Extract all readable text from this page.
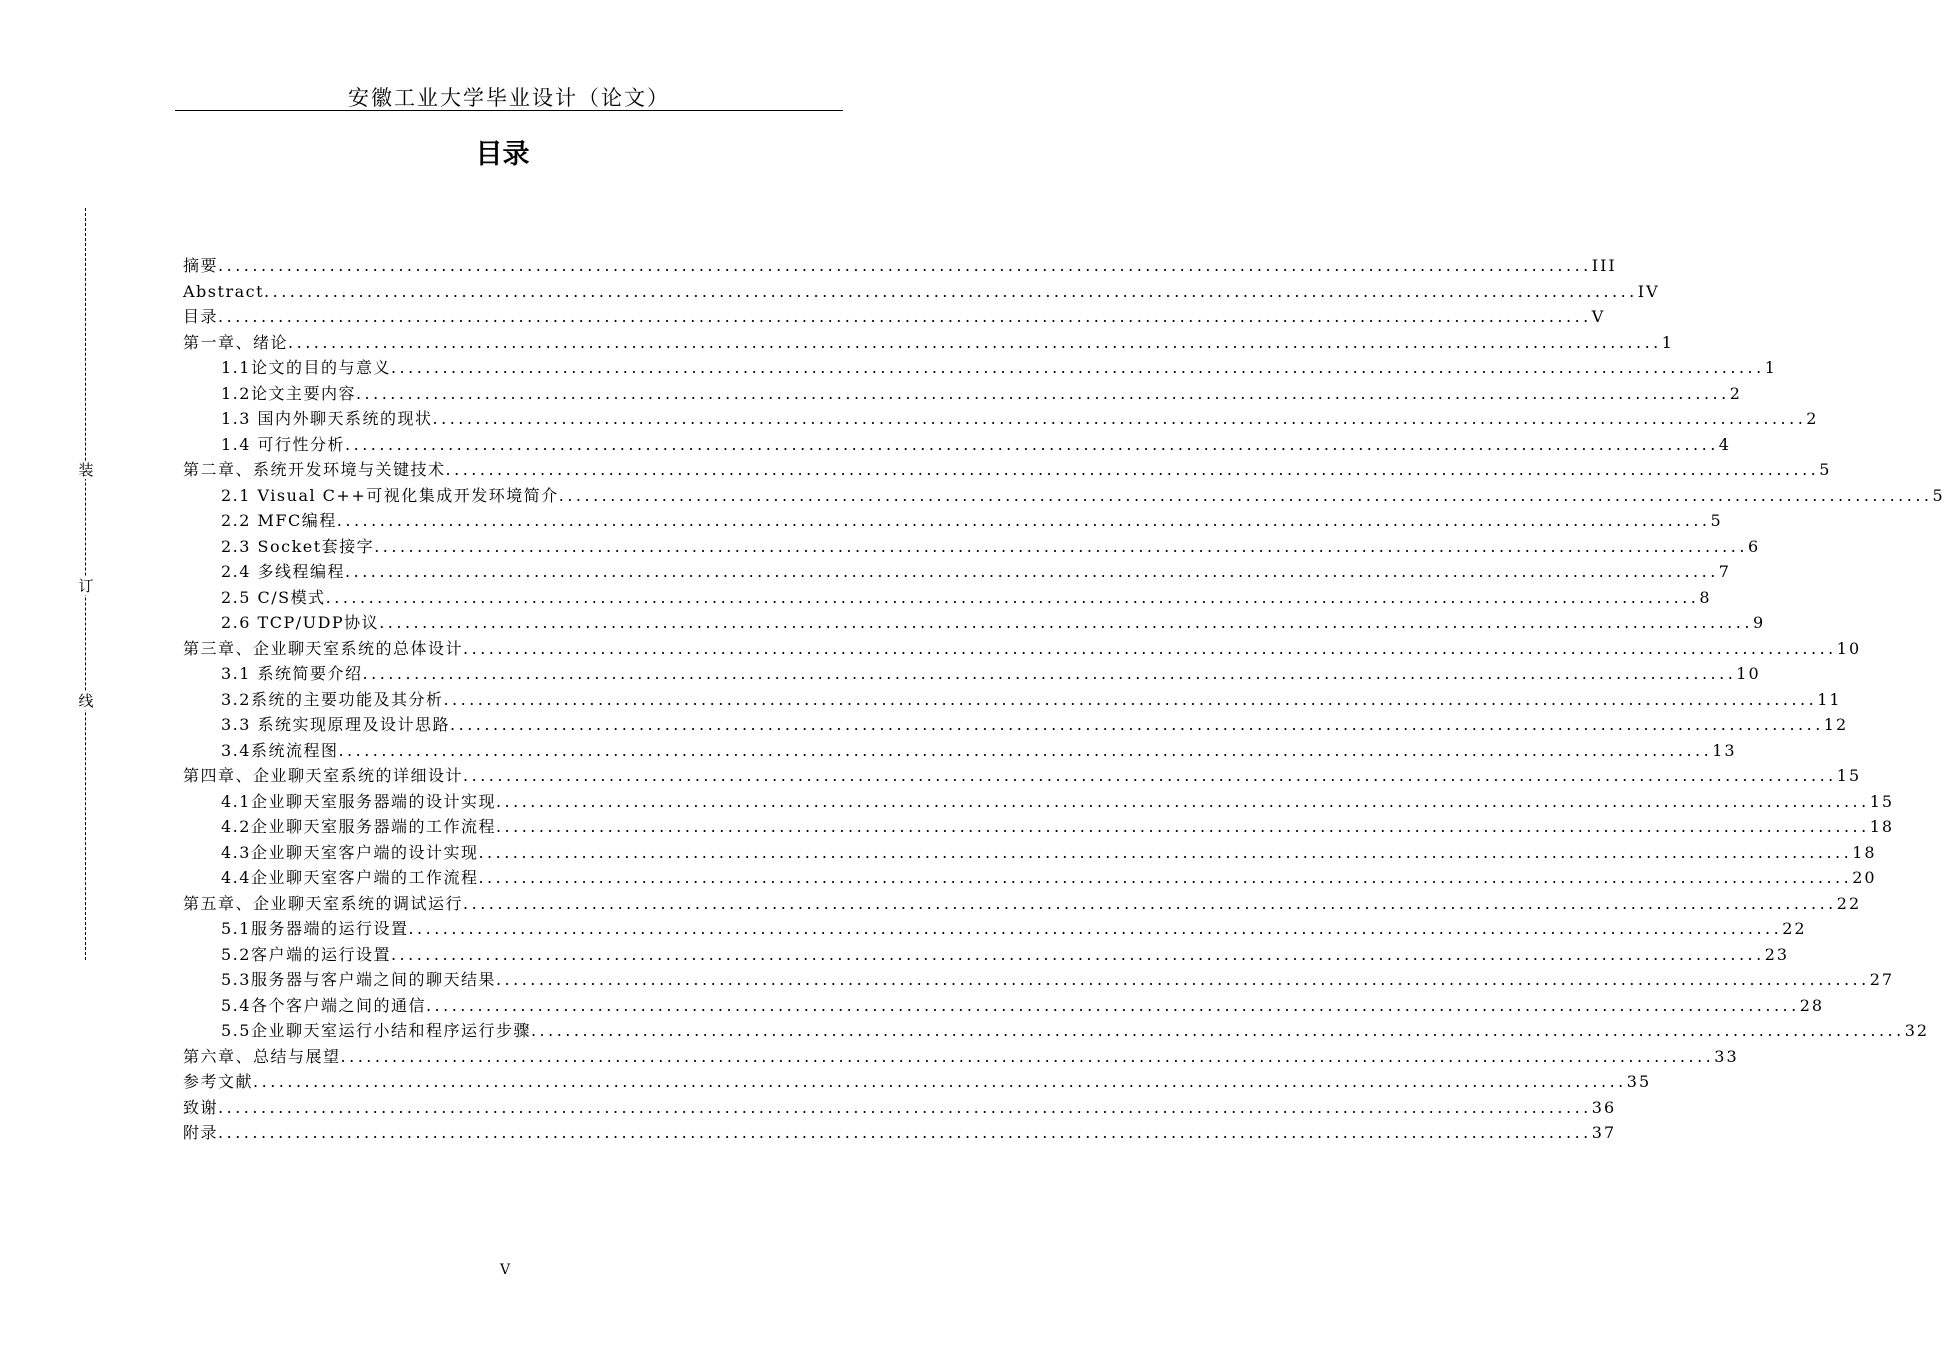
安徽工业大学毕业设计（论文）
目录
装
订
线
摘要 .....	III
Abstract .....	IV
目录 .....	V
第一章、绪论 .....	1
1.1论文的目的与意义 .....	1
1.2论文主要内容 .....	2
1.3 国内外聊天系统的现状 .....	2
1.4 可行性分析 .....	4
第二章、系统开发环境与关键技术 .....	5
2.1 Visual C++可视化集成开发环境简介 .....	5
2.2 MFC编程 .....	5
2.3 Socket套接字 .....	6
2.4 多线程编程 .....	7
2.5 C/S模式 .....	8
2.6 TCP/UDP协议 .....	9
第三章、企业聊天室系统的总体设计 .....	10
3.1 系统简要介绍 .....	10
3.2系统的主要功能及其分析 .....	11
3.3 系统实现原理及设计思路 .....	12
3.4系统流程图 .....	13
第四章、企业聊天室系统的详细设计 .....	15
4.1企业聊天室服务器端的设计实现 .....	15
4.2企业聊天室服务器端的工作流程 .....	18
4.3企业聊天室客户端的设计实现 .....	18
4.4企业聊天室客户端的工作流程 .....	20
第五章、企业聊天室系统的调试运行 .....	22
5.1服务器端的运行设置 .....	22
5.2客户端的运行设置 .....	23
5.3服务器与客户端之间的聊天结果 .....	27
5.4各个客户端之间的通信 .....	28
5.5企业聊天室运行小结和程序运行步骤 .....	32
第六章、总结与展望 .....	33
参考文献 .....	35
致谢 .....	36
附录 .....	37
V
